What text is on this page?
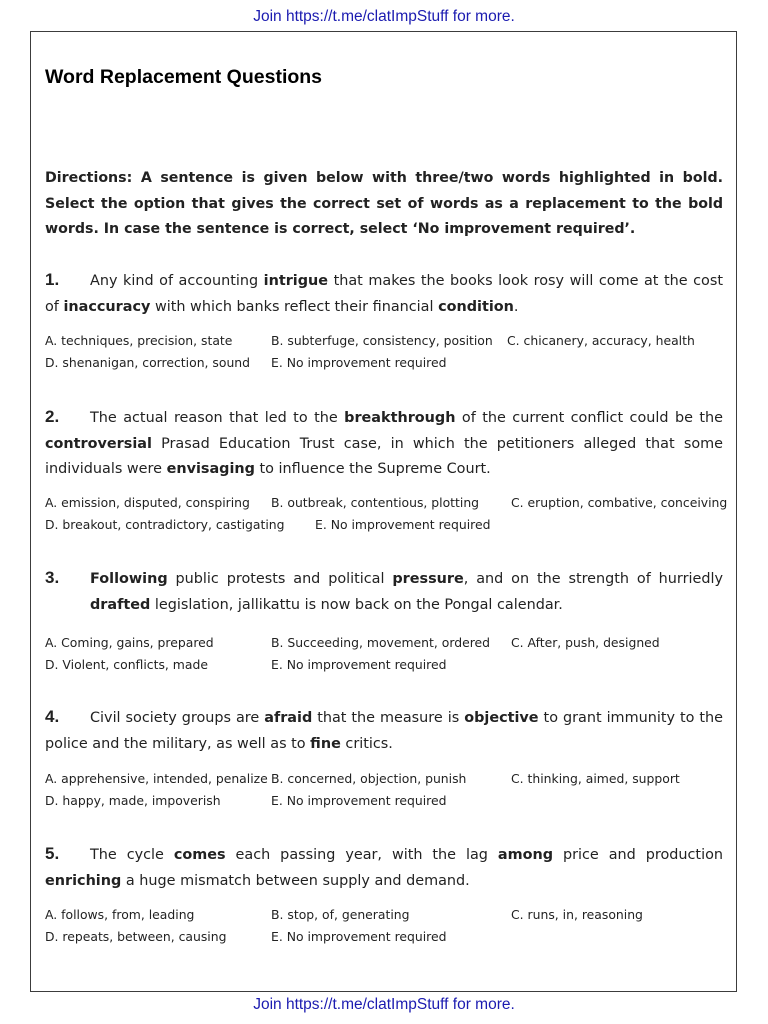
Join https://t.me/clatImpStuff for more.
Word Replacement Questions
Directions: A sentence is given below with three/two words highlighted in bold. Select the option that gives the correct set of words as a replacement to the bold words. In case the sentence is correct, select ‘No improvement required’.
1. Any kind of accounting intrigue that makes the books look rosy will come at the cost of inaccuracy with which banks reflect their financial condition.
A. techniques, precision, state	B. subterfuge, consistency, position C. chicanery, accuracy, health
D. shenanigan, correction, sound E. No improvement required
2. The actual reason that led to the breakthrough of the current conflict could be the controversial Prasad Education Trust case, in which the petitioners alleged that some individuals were envisaging to influence the Supreme Court.
A. emission, disputed, conspiring B. outbreak, contentious, plotting	C. eruption, combative, conceiving
D. breakout, contradictory, castigating E. No improvement required
3. Following public protests and political pressure, and on the strength of hurriedly drafted legislation, jallikattu is now back on the Pongal calendar.
A. Coming, gains, prepared	B. Succeeding, movement, ordered C. After, push, designed
D. Violent, conflicts, made	E. No improvement required
4. Civil society groups are afraid that the measure is objective to grant immunity to the police and the military, as well as to fine critics.
A. apprehensive, intended, penalize B. concerned, objection, punish	C. thinking, aimed, support
D. happy, made, impoverish	E. No improvement required
5. The cycle comes each passing year, with the lag among price and production enriching a huge mismatch between supply and demand.
A. follows, from, leading	B. stop, of, generating	C. runs, in, reasoning
D. repeats, between, causing	E. No improvement required
Join https://t.me/clatImpStuff for more.
